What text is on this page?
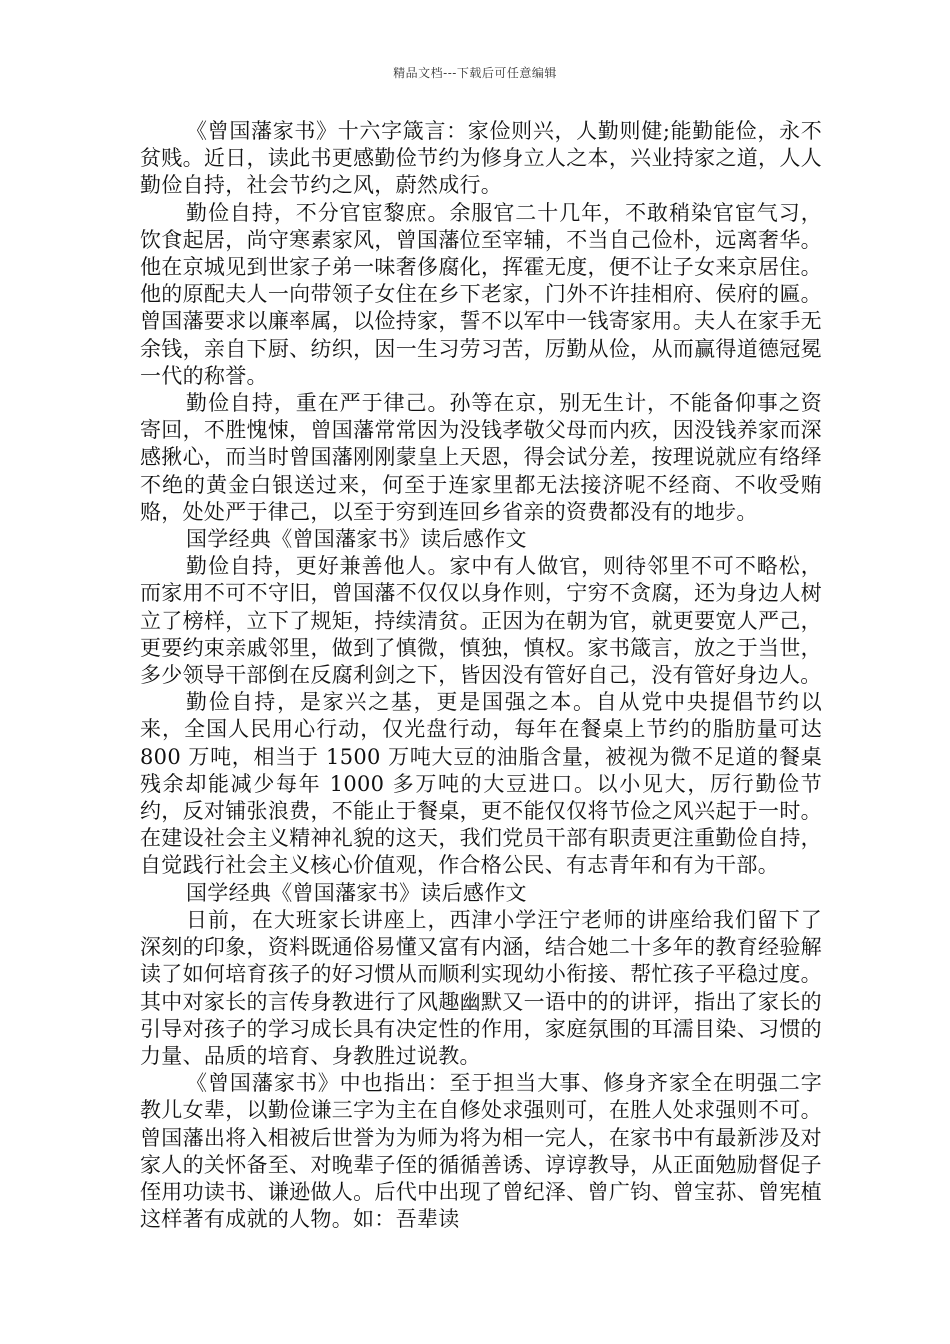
精品文档---下载后可任意编辑

《曾国藩家书》十六字箴言：家俭则兴，人勤则健;能勤能俭，永不贫贱。近日，读此书更感勤俭节约为修身立人之本，兴业持家之道，人人勤俭自持，社会节约之风，蔚然成行。

勤俭自持，不分官宦黎庶。余服官二十几年，不敢稍染官宦气习，饮食起居，尚守寒素家风，曾国藩位至宰辅，不当自己俭朴，远离奢华。他在京城见到世家子弟一味奢侈腐化，挥霍无度，便不让子女来京居住。他的原配夫人一向带领子女住在乡下老家，门外不许挂相府、侯府的匾。曾国藩要求以廉率属，以俭持家，誓不以军中一钱寄家用。夫人在家手无余钱，亲自下厨、纺织，因一生习劳习苦，厉勤从俭，从而赢得道德冠冕一代的称誉。

勤俭自持，重在严于律己。孙等在京，别无生计，不能备仰事之资寄回，不胜愧悚，曾国藩常常因为没钱孝敬父母而内疚，因没钱养家而深感揪心，而当时曾国藩刚刚蒙皇上天恩，得会试分差，按理说就应有络绎不绝的黄金白银送过来，何至于连家里都无法接济呢不经商、不收受贿赂，处处严于律己，以至于穷到连回乡省亲的资费都没有的地步。

国学经典《曾国藩家书》读后感作文

勤俭自持，更好兼善他人。家中有人做官，则待邻里不可不略松，而家用不可不守旧，曾国藩不仅仅以身作则，宁穷不贪腐，还为身边人树立了榜样，立下了规矩，持续清贫。正因为在朝为官，就更要宽人严己，更要约束亲戚邻里，做到了慎微，慎独，慎权。家书箴言，放之于当世，多少领导干部倒在反腐利剑之下，皆因没有管好自己，没有管好身边人。

勤俭自持，是家兴之基，更是国强之本。自从党中央提倡节约以来，全国人民用心行动，仅光盘行动，每年在餐桌上节约的脂肪量可达 800 万吨，相当于 1500 万吨大豆的油脂含量，被视为微不足道的餐桌残余却能减少每年 1000 多万吨的大豆进口。以小见大，厉行勤俭节约，反对铺张浪费，不能止于餐桌，更不能仅仅将节俭之风兴起于一时。在建设社会主义精神礼貌的这天，我们党员干部有职责更注重勤俭自持，自觉践行社会主义核心价值观，作合格公民、有志青年和有为干部。

国学经典《曾国藩家书》读后感作文

日前，在大班家长讲座上，西津小学汪宁老师的讲座给我们留下了深刻的印象，资料既通俗易懂又富有内涵，结合她二十多年的教育经验解读了如何培育孩子的好习惯从而顺利实现幼小衔接、帮忙孩子平稳过度。其中对家长的言传身教进行了风趣幽默又一语中的的讲评，指出了家长的引导对孩子的学习成长具有决定性的作用，家庭氛围的耳濡目染、习惯的力量、品质的培育、身教胜过说教。

《曾国藩家书》中也指出：至于担当大事、修身齐家全在明强二字教儿女辈，以勤俭谦三字为主在自修处求强则可，在胜人处求强则不可。曾国藩出将入相被后世誉为为师为将为相一完人，在家书中有最新涉及对家人的关怀备至、对晚辈子侄的循循善诱、谆谆教导，从正面勉励督促子侄用功读书、谦逊做人。后代中出现了曾纪泽、曾广钧、曾宝荪、曾宪植这样著有成就的人物。如：吾辈读
